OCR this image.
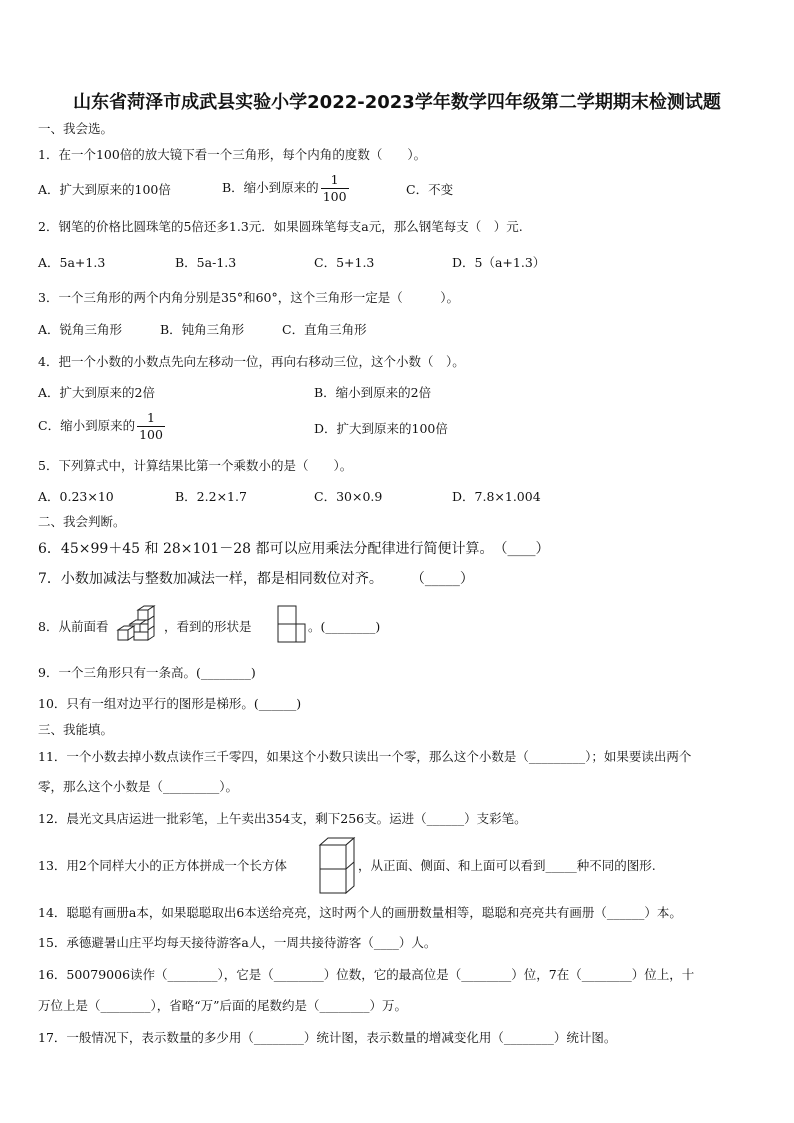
山东省菏泽市成武县实验小学2022-2023学年数学四年级第二学期期末检测试题
一、我会选。
1．在一个100倍的放大镜下看一个三角形，每个内角的度数（　　）。
A．扩大到原来的100倍	B．缩小到原来的 $\frac{1}{100}$	C．不变
2．钢笔的价格比圆珠笔的5倍还多1.3元．如果圆珠笔每支a元，那么钢笔每支（　）元.
A．5a+1.3	B．5a-1.3	C．5+1.3	D．5（a+1.3）
3．一个三角形的两个内角分别是35°和60°，这个三角形一定是（　　　）。
A．锐角三角形	B．钝角三角形	C．直角三角形
4．把一个小数的小数点先向左移动一位，再向右移动三位，这个小数（　）。
A．扩大到原来的2倍	B．缩小到原来的2倍
C．缩小到原来的 $\frac{1}{100}$	D．扩大到原来的100倍
5．下列算式中，计算结果比第一个乘数小的是（　　）。
A．0.23×10	B．2.2×1.7	C．30×0.9	D．7.8×1.004
二、我会判断。
6．45×99＋45 和 28×101－28 都可以应用乘法分配律进行简便计算。　（____）
7．小数加减法与整数加减法一样，都是相同数位对齐。　　　（_____）
8．从前面看	，看到的形状是	。(________)
9．一个三角形只有一条高。(________)
10．只有一组对边平行的图形是梯形。(______)
三、我能填。
11．一个小数去掉小数点读作三千零四，如果这个小数只读出一个零，那么这个小数是（_________）；如果要读出两个
零，那么这个小数是（_________）。
12．晨光文具店运进一批彩笔，上午卖出354支，剩下256支。运进（______）支彩笔。
13．用2个同样大小的正方体拼成一个长方体	，从正面、侧面、和上面可以看到_____种不同的图形.
14．聪聪有画册a本，如果聪聪取出6本送给亮亮，这时两个人的画册数量相等，聪聪和亮亮共有画册（______）本。
15．承德避暑山庄平均每天接待游客a人，一周共接待游客（____）人。
16．50079006读作（________），它是（________）位数，它的最高位是（________）位，7在（________）位上，十
万位上是（________），省略“万”后面的尾数约是（________）万。
17．一般情况下，表示数量的多少用（________）统计图，表示数量的增减变化用（________）统计图。
